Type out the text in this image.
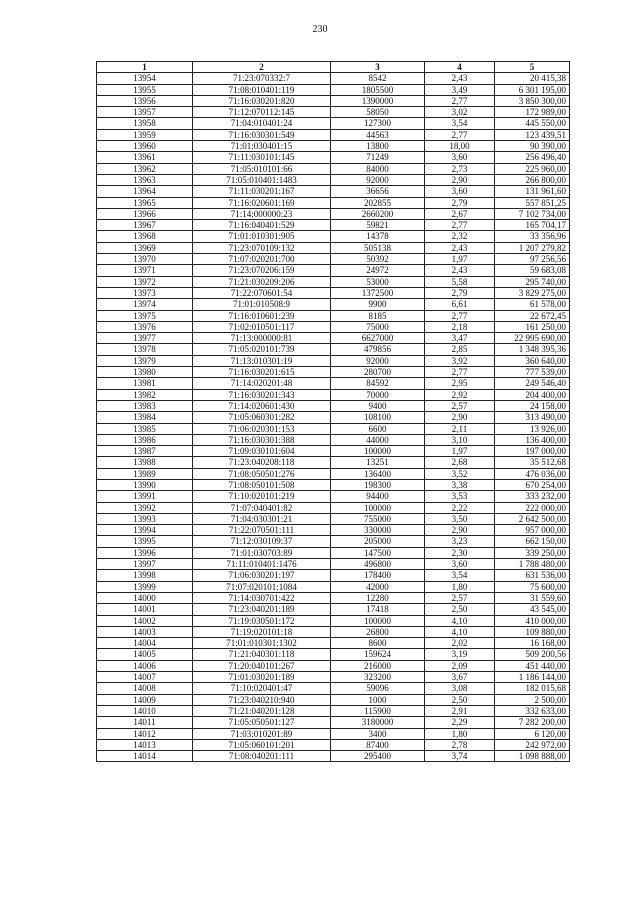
230
1	2	3	4	5
13954	71:23:070332:7	8542	2,43	20 415,38
13955	71:08:010401:119	1805500	3,49	6 301 195,00
13956	71:16:030201:820	1390000	2,77	3 850 300,00
13957	71:12:070112:145	58050	3,02	172 989,00
13958	71:04:010401:24	127300	3,54	445 550,00
13959	71:16:030301:549	44563	2,77	123 439,51
13960	71:01:030401:15	13800	18,00	90 390,00
13961	71:11:030101:145	71249	3,60	256 496,40
13962	71:05:010101:66	84000	2,73	225 960,00
13963	71:05:010401:1483	92000	2,90	266 800,00
13964	71:11:030201:167	36656	3,60	131 961,60
13965	71:16:020601:169	202855	2,79	557 851,25
13966	71:14:000000:23	2660200	2,67	7 102 734,00
13967	71:16:040401:529	59821	2,77	165 704,17
13968	71:01:010301:905	14378	2,32	33 356,96
13969	71:23:070109:132	505138	2,43	1 207 279,82
13970	71:07:020201:700	50392	1,97	97 256,56
13971	71:23:070206:159	24972	2,43	59 683,08
13972	71:21:030209:206	53000	5,58	295 740,00
13973	71:22:070601:54	1372500	2,79	3 829 275,00
13974	71:01:010508:9	9900	6,61	61 578,00
13975	71:16:010601:239	8185	2,77	22 672,45
13976	71:02:010501:117	75000	2,18	161 250,00
13977	71:13:000000:81	6627000	3,47	22 995 690,00
13978	71:05:020101:739	479856	2,85	1 348 395,36
13979	71:13:010301:19	92000	3,92	360 640,00
13980	71:16:030201:615	280700	2,77	777 539,00
13981	71:14:020201:48	84592	2,95	249 546,40
13982	71:16:030201:343	70000	2,92	204 400,00
13983	71:14:020601:430	9400	2,57	24 158,00
13984	71:05:060301:282	108100	2,90	313 490,00
13985	71:06:020301:153	6600	2,11	13 926,00
13986	71:16:030301:388	44000	3,10	136 400,00
13987	71:09:030101:604	100000	1,97	197 000,00
13988	71:23:040208:118	13251	2,68	35 512,68
13989	71:08:050501:276	136400	3,52	476 036,00
13990	71:08:050101:508	198300	3,38	670 254,00
13991	71:10:020101:219	94400	3,53	333 232,00
13992	71:07:040401:82	100000	2,22	222 000,00
13993	71:04:030301:21	755000	3,50	2 642 500,00
13994	71:22:070501:111	330000	2,90	957 000,00
13995	71:12:030109:37	205000	3,23	662 150,00
13996	71:01:030703:89	147500	2,30	339 250,00
13997	71:11:010401:1476	496800	3,60	1 788 480,00
13998	71:06:030201:197	178400	3,54	631 536,00
13999	71:07:020101:1084	42000	1,80	75 600,00
14000	71:14:030701:422	12280	2,57	31 559,60
14001	71:23:040201:189	17418	2,50	43 545,00
14002	71:19:030501:172	100000	4,10	410 000,00
14003	71:19:020101:18	26800	4,10	109 880,00
14004	71:01:010301:1302	8600	2,02	16 168,00
14005	71:21:040301:118	159624	3,19	509 200,56
14006	71:20:040101:267	216000	2,09	451 440,00
14007	71:01:030201:189	323200	3,67	1 186 144,00
14008	71:10:020401:47	59096	3,08	182 015,68
14009	71:23:040210:940	1000	2,50	2 500,00
14010	71:21:040201:128	115900	2,91	332 633,00
14011	71:05:050501:127	3180000	2,29	7 282 200,00
14012	71:03:010201:89	3400	1,80	6 120,00
14013	71:05:060101:201	87400	2,78	242 972,00
14014	71:08:040201:111	295400	3,74	1 098 888,00
